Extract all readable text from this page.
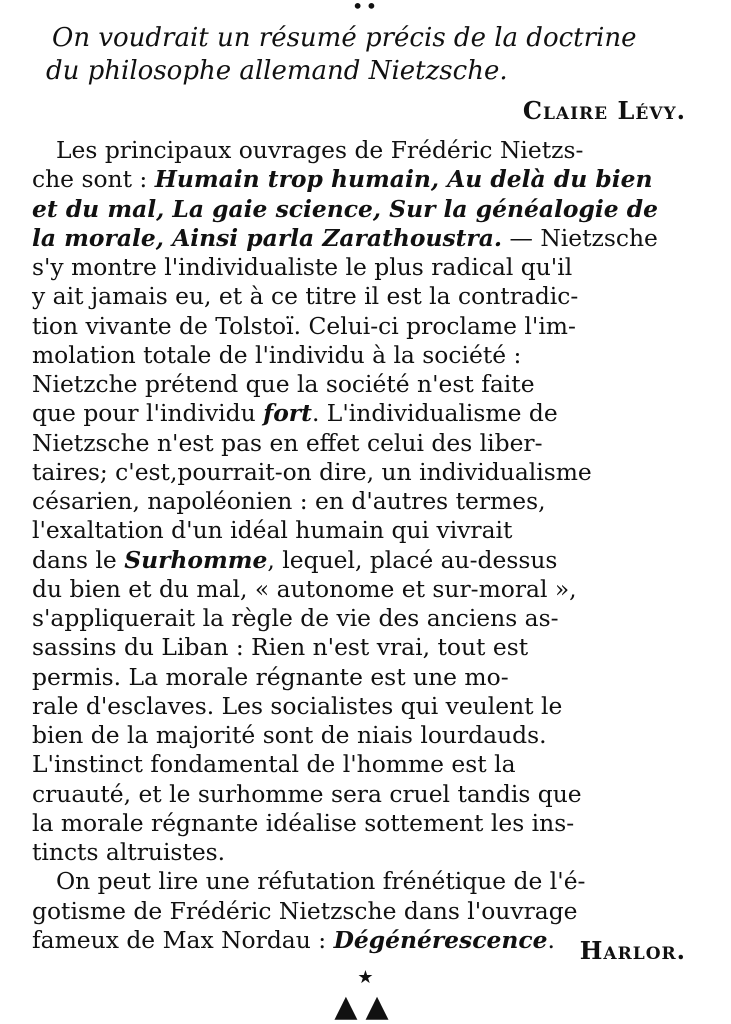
••
On voudrait un résumé précis de la doctrine
du philosophe allemand Nietzsche.
Claire Lévy.
Les principaux ouvrages de Frédéric Nietzs-
che sont : Humain trop humain, Au delà du bien
et du mal, La gaie science, Sur la généalogie de
la morale, Ainsi parla Zarathoustra. — Nietzsche
s'y montre l'individualiste le plus radical qu'il
y ait jamais eu, et à ce titre il est la contradic-
tion vivante de Tolstoï. Celui-ci proclame l'im-
molation totale de l'individu à la société :
Nietzche prétend que la société n'est faite
que pour l'individu fort. L'individualisme de
Nietzsche n'est pas en effet celui des liber-
taires; c'est,pourrait-on dire, un individualisme
césarien, napoléonien : en d'autres termes,
l'exaltation d'un idéal humain qui vivrait
dans le Surhomme, lequel, placé au-dessus
du bien et du mal, « autonome et sur-moral »,
s'appliquerait la règle de vie des anciens as-
sassins du Liban : Rien n'est vrai, tout est
permis. La morale régnante est une mo-
rale d'esclaves. Les socialistes qui veulent le
bien de la majorité sont de niais lourdauds.
L'instinct fondamental de l'homme est la
cruauté, et le surhomme sera cruel tandis que
la morale régnante idéalise sottement les ins-
tincts altruistes.
On peut lire une réfutation frénétique de l'é-
gotisme de Frédéric Nietzsche dans l'ouvrage
fameux de Max Nordau : Dégénérescence.	Harlor.
★
▲▲
